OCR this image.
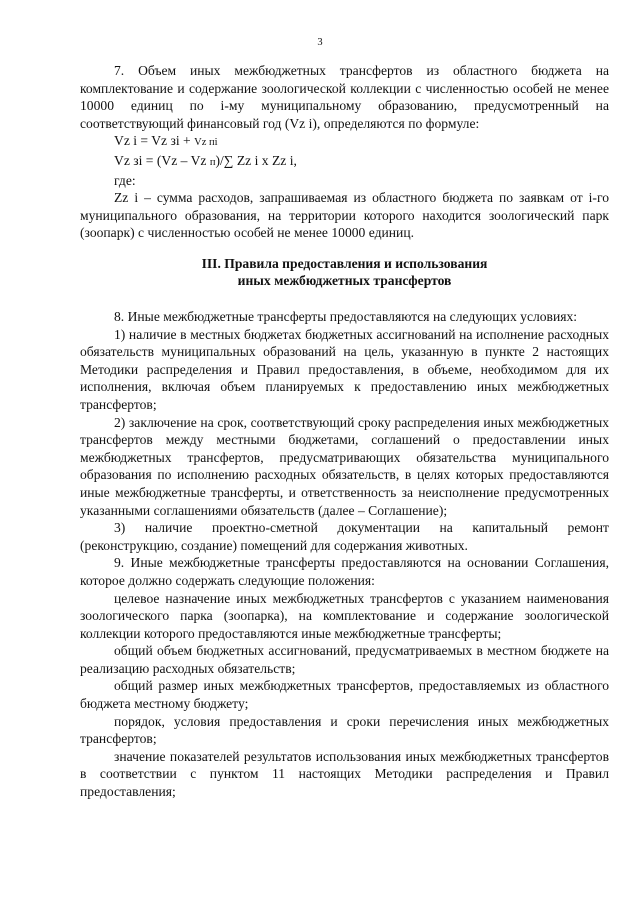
3

7. Объем иных межбюджетных трансфертов из областного бюджета на комплектование и содержание зоологической коллекции с численностью особей не менее 10000 единиц по i-му муниципальному образованию, предусмотренный на соответствующий финансовый год (Vz i), определяются по формуле:

Vz i = Vz зi + Vz пi

Vz зi = (Vz – Vz п)/∑ Zz i х Zz i,

где:

Zz i – сумма расходов, запрашиваемая из областного бюджета по заявкам от i-го муниципального образования, на территории которого находится зоологический парк (зоопарк) с численностью особей не менее 10000 единиц.

III. Правила предоставления и использования
иных межбюджетных трансфертов

8. Иные межбюджетные трансферты предоставляются на следующих условиях:

1) наличие в местных бюджетах бюджетных ассигнований на исполнение расходных обязательств муниципальных образований на цель, указанную в пункте 2 настоящих Методики распределения и Правил предоставления, в объеме, необходимом для их исполнения, включая объем планируемых к предоставлению иных межбюджетных трансфертов;

2) заключение на срок, соответствующий сроку распределения иных межбюджетных трансфертов между местными бюджетами, соглашений о предоставлении иных межбюджетных трансфертов, предусматривающих обязательства муниципального образования по исполнению расходных обязательств, в целях которых предоставляются иные межбюджетные трансферты, и ответственность за неисполнение предусмотренных указанными соглашениями обязательств (далее – Соглашение);

3) наличие проектно-сметной документации на капитальный ремонт (реконструкцию, создание) помещений для содержания животных.

9. Иные межбюджетные трансферты предоставляются на основании Соглашения, которое должно содержать следующие положения:

целевое назначение иных межбюджетных трансфертов с указанием наименования зоологического парка (зоопарка), на комплектование и содержание зоологической коллекции которого предоставляются иные межбюджетные трансферты;

общий объем бюджетных ассигнований, предусматриваемых в местном бюджете на реализацию расходных обязательств;

общий размер иных межбюджетных трансфертов, предоставляемых из областного бюджета местному бюджету;

порядок, условия предоставления и сроки перечисления иных межбюджетных трансфертов;

значение показателей результатов использования иных межбюджетных трансфертов в соответствии с пунктом 11 настоящих Методики распределения и Правил предоставления;
